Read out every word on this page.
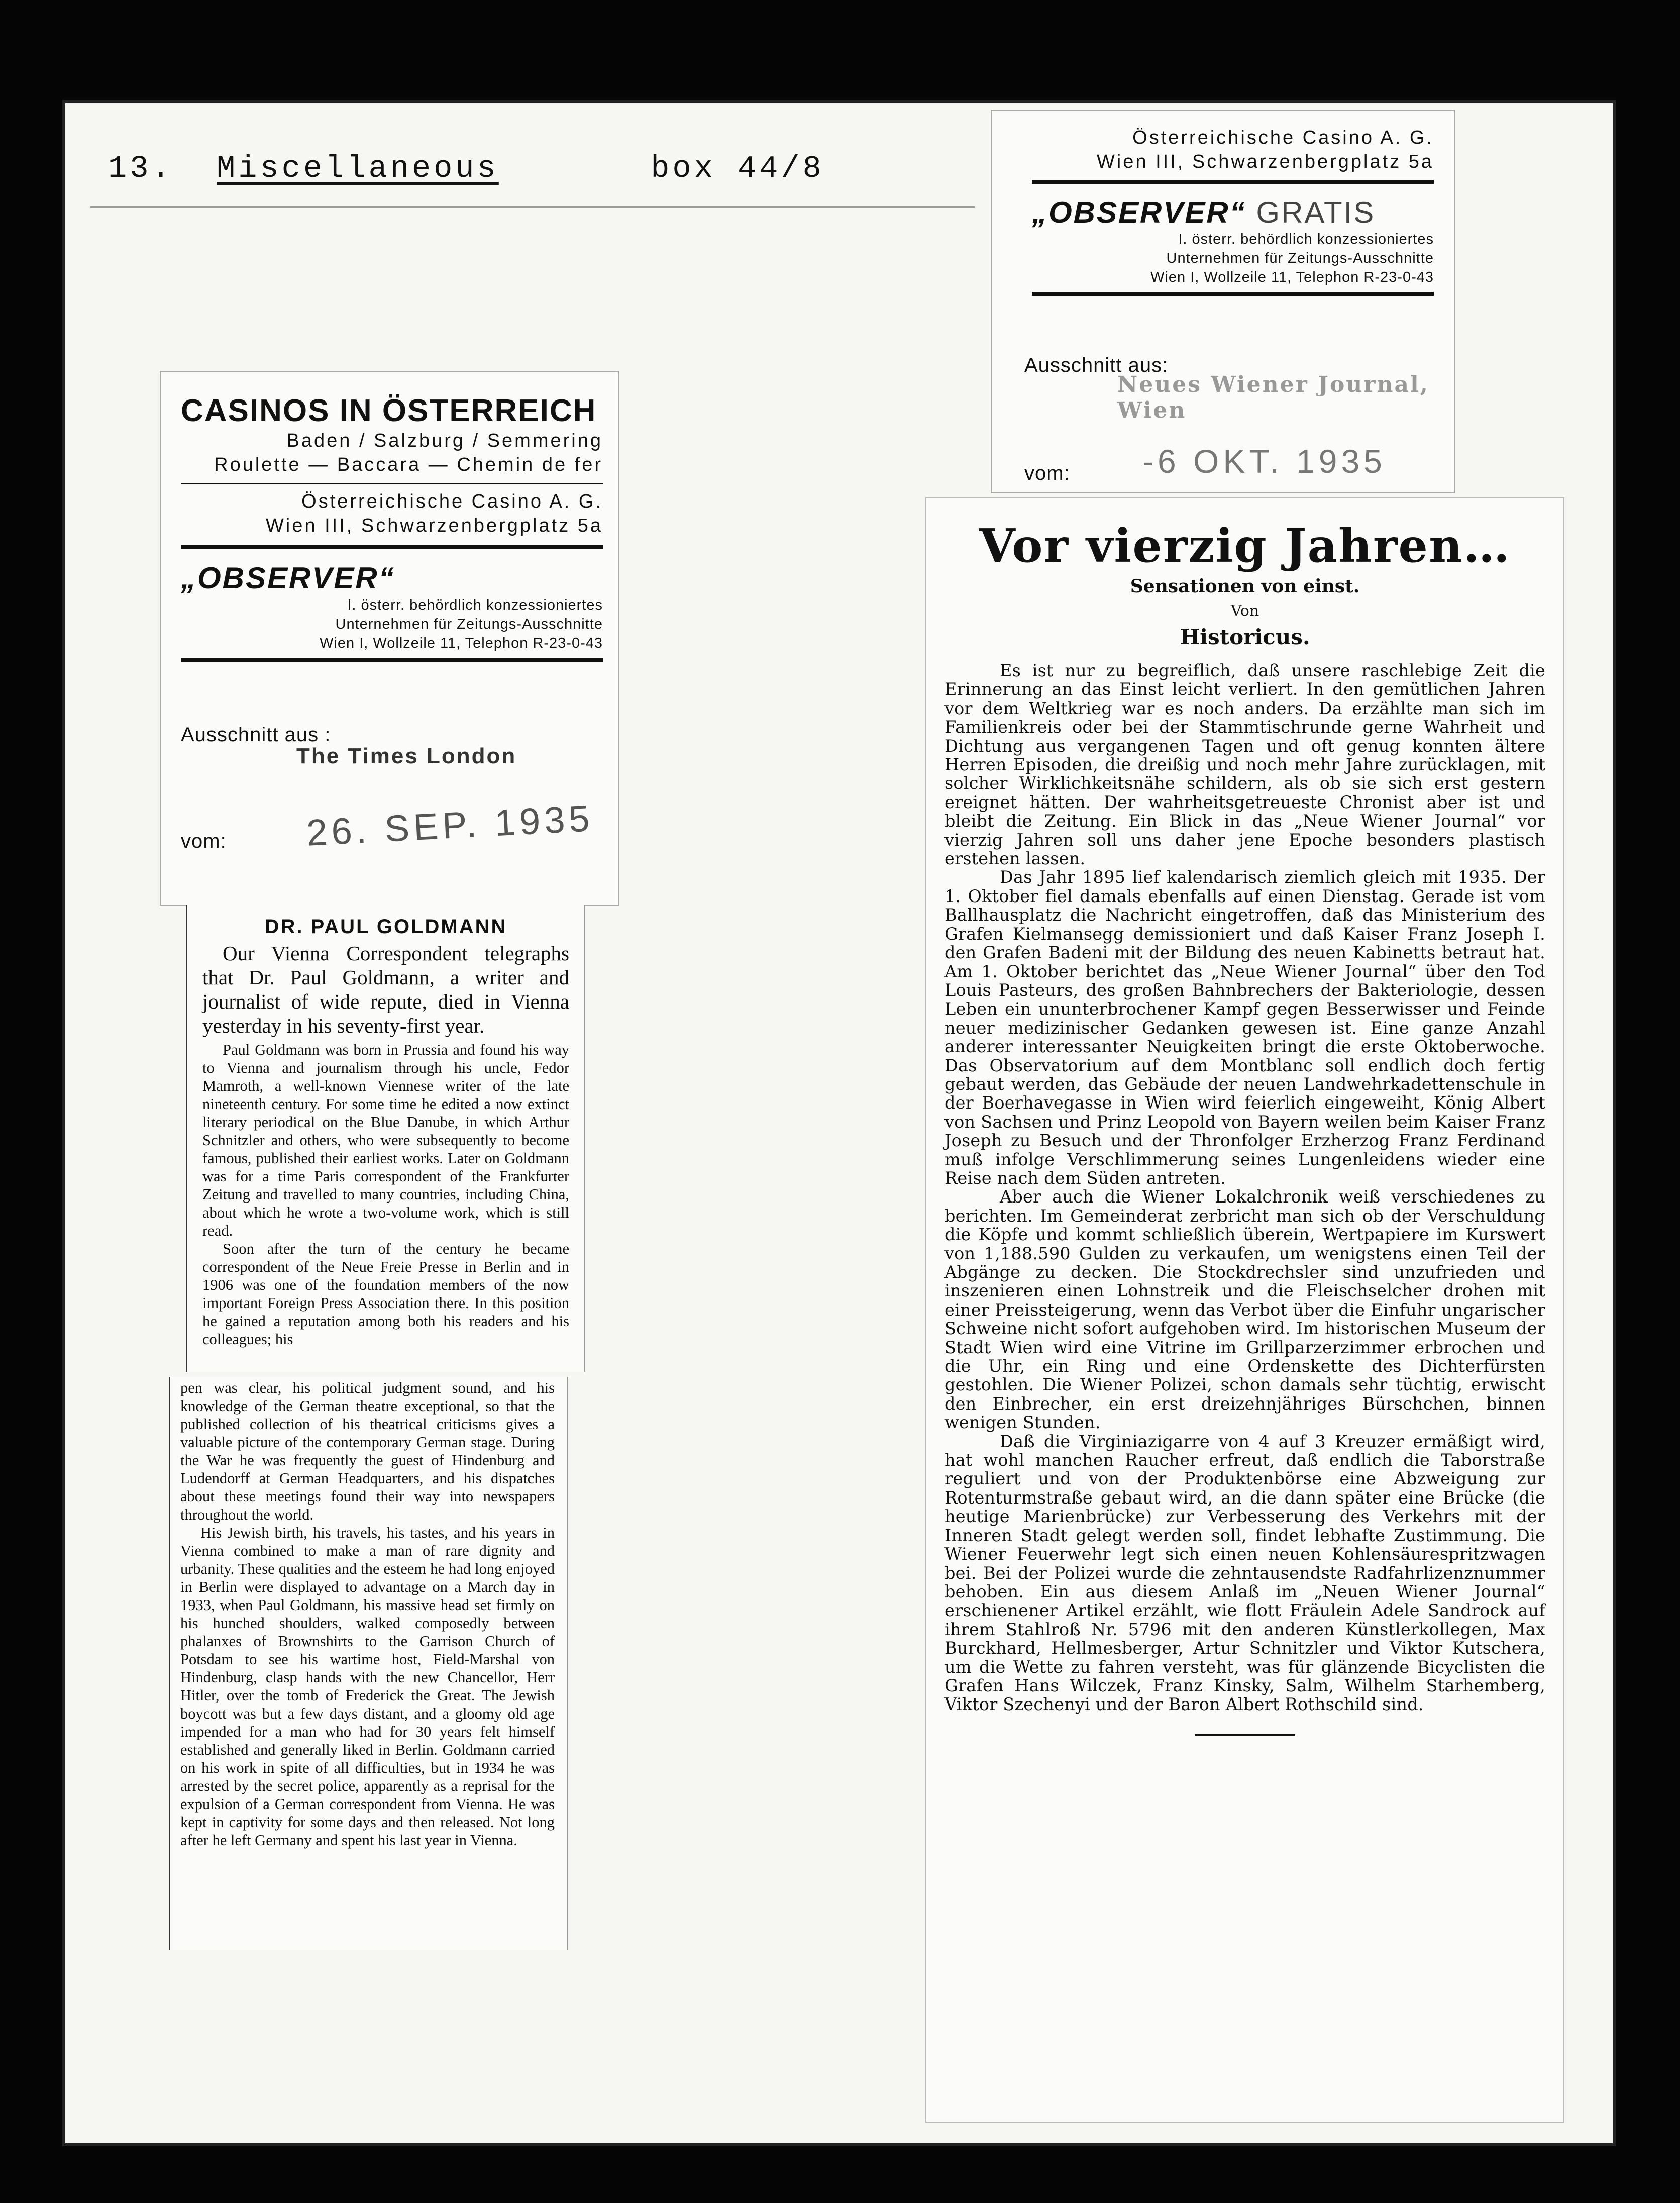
13. Miscellaneous	box 44/8
CASINOS IN ÖSTERREICH
Baden / Salzburg / Semmering
Roulette — Baccara — Chemin de fer
Österreichische Casino A. G.
Wien III, Schwarzenbergplatz 5a
„OBSERVER“
I. österr. behördlich konzessioniertes
Unternehmen für Zeitungs-Ausschnitte
Wien I, Wollzeile 11, Telephon R-23-0-43
Ausschnitt aus :
The Times London
vom: 26. SEP. 1935
Österreichische Casino A. G.
Wien III, Schwarzenbergplatz 5a
„OBSERVER“ GRATIS
I. österr. behördlich konzessioniertes
Unternehmen für Zeitungs-Ausschnitte
Wien I, Wollzeile 11, Telephon R-23-0-43
Ausschnitt aus:
Neues Wiener Journal, Wien
vom: -6 OKT. 1935
DR. PAUL GOLDMANN
Our Vienna Correspondent telegraphs that Dr. Paul Goldmann, a writer and journalist of wide repute, died in Vienna yesterday in his seventy-first year.
Paul Goldmann was born in Prussia and found his way to Vienna and journalism through his uncle, Fedor Mamroth, a well-known Viennese writer of the late nineteenth century. For some time he edited a now extinct literary periodical on the Blue Danube, in which Arthur Schnitzler and others, who were subsequently to become famous, published their earliest works. Later on Goldmann was for a time Paris correspondent of the Frankfurter Zeitung and travelled to many countries, including China, about which he wrote a two-volume work, which is still read.
Soon after the turn of the century he became correspondent of the Neue Freie Presse in Berlin and in 1906 was one of the foundation members of the now important Foreign Press Association there. In this position he gained a reputation among both his readers and his colleagues; his
pen was clear, his political judgment sound, and his knowledge of the German theatre exceptional, so that the published collection of his theatrical criticisms gives a valuable picture of the contemporary German stage. During the War he was frequently the guest of Hindenburg and Ludendorff at German Headquarters, and his dispatches about these meetings found their way into newspapers throughout the world.
His Jewish birth, his travels, his tastes, and his years in Vienna combined to make a man of rare dignity and urbanity. These qualities and the esteem he had long enjoyed in Berlin were displayed to advantage on a March day in 1933, when Paul Goldmann, his massive head set firmly on his hunched shoulders, walked composedly between phalanxes of Brownshirts to the Garrison Church of Potsdam to see his wartime host, Field-Marshal von Hindenburg, clasp hands with the new Chancellor, Herr Hitler, over the tomb of Frederick the Great. The Jewish boycott was but a few days distant, and a gloomy old age impended for a man who had for 30 years felt himself established and generally liked in Berlin. Goldmann carried on his work in spite of all difficulties, but in 1934 he was arrested by the secret police, apparently as a reprisal for the expulsion of a German correspondent from Vienna. He was kept in captivity for some days and then released. Not long after he left Germany and spent his last year in Vienna.
Vor vierzig Jahren…
Sensationen von einst.
Von
Historicus.

Es ist nur zu begreiflich, daß unsere raschlebige Zeit die Erinnerung an das Einst leicht verliert. In den gemütlichen Jahren vor dem Weltkrieg war es noch anders. Da erzählte man sich im Familienkreis oder bei der Stammtischrunde gerne Wahrheit und Dichtung aus vergangenen Tagen und oft genug konnten ältere Herren Episoden, die dreißig und noch mehr Jahre zurücklagen, mit solcher Wirklichkeitsnähe schildern, als ob sie sich erst gestern ereignet hätten. Der wahrheitsgetreueste Chronist aber ist und bleibt die Zeitung. Ein Blick in das „Neue Wiener Journal“ vor vierzig Jahren soll uns daher jene Epoche besonders plastisch erstehen lassen.

Das Jahr 1895 lief kalendarisch ziemlich gleich mit 1935. Der 1. Oktober fiel damals ebenfalls auf einen Dienstag. Gerade ist vom Ballhausplatz die Nachricht eingetroffen, daß das Ministerium des Grafen Kielmansegg demissioniert und daß Kaiser Franz Joseph I. den Grafen Badeni mit der Bildung des neuen Kabinetts betraut hat. Am 1. Oktober berichtet das „Neue Wiener Journal“ über den Tod Louis Pasteurs, des großen Bahnbrechers der Bakteriologie, dessen Leben ein ununterbrochener Kampf gegen Besserwisser und Feinde neuer medizinischer Gedanken gewesen ist. Eine ganze Anzahl anderer interessanter Neuigkeiten bringt die erste Oktoberwoche. Das Observatorium auf dem Montblanc soll endlich doch fertig gebaut werden, das Gebäude der neuen Landwehrkadettenschule in der Boerhavegasse in Wien wird feierlich eingeweiht, König Albert von Sachsen und Prinz Leopold von Bayern weilen beim Kaiser Franz Joseph zu Besuch und der Thronfolger Erzherzog Franz Ferdinand muß infolge Verschlimmerung seines Lungenleidens wieder eine Reise nach dem Süden antreten.

Aber auch die Wiener Lokalchronik weiß verschiedenes zu berichten. Im Gemeinderat zerbricht man sich ob der Verschuldung die Köpfe und kommt schließlich überein, Wertpapiere im Kurswert von 1,188.590 Gulden zu verkaufen, um wenigstens einen Teil der Abgänge zu decken. Die Stockdrechsler sind unzufrieden und inszenieren einen Lohnstreik und die Fleischselcher drohen mit einer Preissteigerung, wenn das Verbot über die Einfuhr ungarischer Schweine nicht sofort aufgehoben wird. Im historischen Museum der Stadt Wien wird eine Vitrine im Grillparzerzimmer erbrochen und die Uhr, ein Ring und eine Ordenskette des Dichterfürsten gestohlen. Die Wiener Polizei, schon damals sehr tüchtig, erwischt den Einbrecher, ein erst dreizehnjähriges Bürschchen, binnen wenigen Stunden.

Daß die Virginiazigarre von 4 auf 3 Kreuzer ermäßigt wird, hat wohl manchen Raucher erfreut, daß endlich die Taborstraße reguliert und von der Produktenbörse eine Abzweigung zur Rotenturmstraße gebaut wird, an die dann später eine Brücke (die heutige Marienbrücke) zur Verbesserung des Verkehrs mit der Inneren Stadt gelegt werden soll, findet lebhafte Zustimmung. Die Wiener Feuerwehr legt sich einen neuen Kohlensäurespritzwagen bei. Bei der Polizei wurde die zehntausendste Radfahrlizenznummer behoben. Ein aus diesem Anlaß im „Neuen Wiener Journal“ erschienener Artikel erzählt, wie flott Fräulein Adele Sandrock auf ihrem Stahlroß Nr. 5796 mit den anderen Künstlerkollegen, Max Burckhard, Hellmesberger, Artur Schnitzler und Viktor Kutschera, um die Wette zu fahren versteht, was für glänzende Bicyclisten die Grafen Hans Wilczek, Franz Kinsky, Salm, Wilhelm Starhemberg, Viktor Szechenyi und der Baron Albert Rothschild sind.
